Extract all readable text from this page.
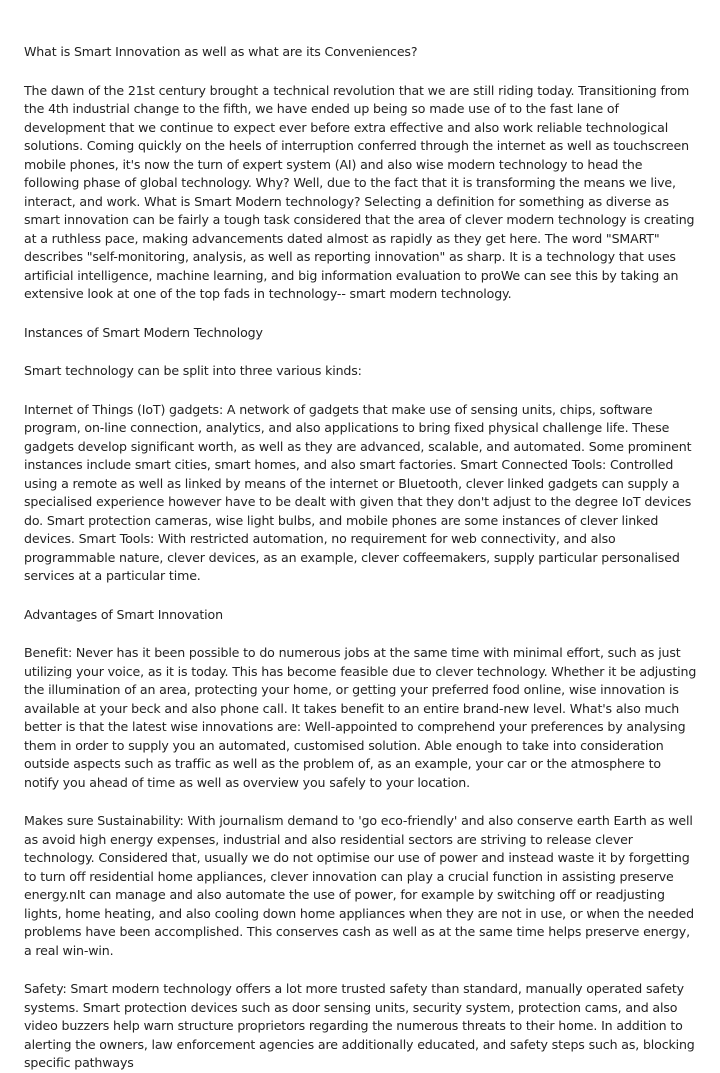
What is Smart Innovation as well as what are its Conveniences?

The dawn of the 21st century brought a technical revolution that we are still riding today. Transitioning from the 4th industrial change to the fifth, we have ended up being so made use of to the fast lane of development that we continue to expect ever before extra effective and also work reliable technological solutions. Coming quickly on the heels of interruption conferred through the internet as well as touchscreen mobile phones, it's now the turn of expert system (AI) and also wise modern technology to head the following phase of global technology. Why? Well, due to the fact that it is transforming the means we live, interact, and work. What is Smart Modern technology? Selecting a definition for something as diverse as smart innovation can be fairly a tough task considered that the area of clever modern technology is creating at a ruthless pace, making advancements dated almost as rapidly as they get here. The word "SMART" describes "self-monitoring, analysis, as well as reporting innovation" as sharp. It is a technology that uses artificial intelligence, machine learning, and big information evaluation to proWe can see this by taking an extensive look at one of the top fads in technology-- smart modern technology.

Instances of Smart Modern Technology

Smart technology can be split into three various kinds:

Internet of Things (IoT) gadgets: A network of gadgets that make use of sensing units, chips, software program, on-line connection, analytics, and also applications to bring fixed physical challenge life. These gadgets develop significant worth, as well as they are advanced, scalable, and automated. Some prominent instances include smart cities, smart homes, and also smart factories. Smart Connected Tools: Controlled using a remote as well as linked by means of the internet or Bluetooth, clever linked gadgets can supply a specialised experience however have to be dealt with given that they don't adjust to the degree IoT devices do. Smart protection cameras, wise light bulbs, and mobile phones are some instances of clever linked devices. Smart Tools: With restricted automation, no requirement for web connectivity, and also programmable nature, clever devices, as an example, clever coffeemakers, supply particular personalised services at a particular time.

Advantages of Smart Innovation

Benefit: Never has it been possible to do numerous jobs at the same time with minimal effort, such as just utilizing your voice, as it is today. This has become feasible due to clever technology. Whether it be adjusting the illumination of an area, protecting your home, or getting your preferred food online, wise innovation is available at your beck and also phone call. It takes benefit to an entire brand-new level. What's also much better is that the latest wise innovations are: Well-appointed to comprehend your preferences by analysing them in order to supply you an automated, customised solution. Able enough to take into consideration outside aspects such as traffic as well as the problem of, as an example, your car or the atmosphere to notify you ahead of time as well as overview you safely to your location.

Makes sure Sustainability: With journalism demand to 'go eco-friendly' and also conserve earth Earth as well as avoid high energy expenses, industrial and also residential sectors are striving to release clever technology. Considered that, usually we do not optimise our use of power and instead waste it by forgetting to turn off residential home appliances, clever innovation can play a crucial function in assisting preserve energy.nIt can manage and also automate the use of power, for example by switching off or readjusting lights, home heating, and also cooling down home appliances when they are not in use, or when the needed problems have been accomplished. This conserves cash as well as at the same time helps preserve energy, a real win-win.

Safety: Smart modern technology offers a lot more trusted safety than standard, manually operated safety systems. Smart protection devices such as door sensing units, security system, protection cams, and also video buzzers help warn structure proprietors regarding the numerous threats to their home. In addition to alerting the owners, law enforcement agencies are additionally educated, and safety steps such as, blocking specific pathways
